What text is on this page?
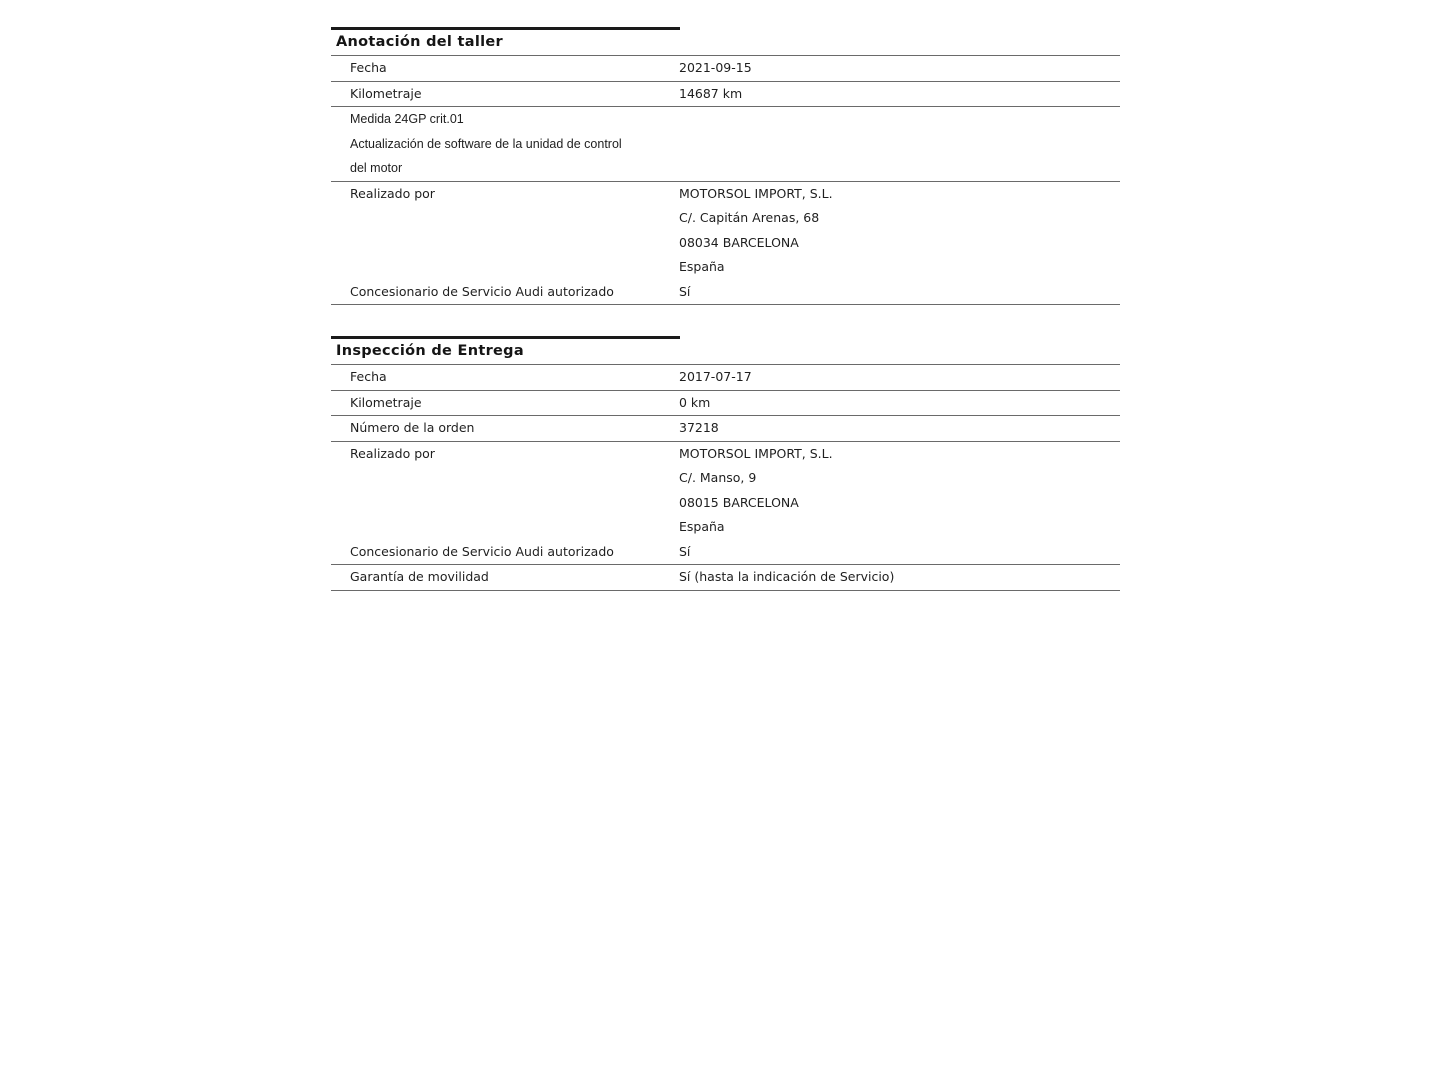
Anotación del taller
Fecha	2021-09-15
Kilometraje	14687 km
Medida 24GP crit.01
Actualización de software de la unidad de control
del motor
Realizado por	MOTORSOL IMPORT, S.L.
C/. Capitán Arenas, 68
08034 BARCELONA
España
Concesionario de Servicio Audi autorizado	Sí
Inspección de Entrega
Fecha	2017-07-17
Kilometraje	0 km
Número de la orden	37218
Realizado por	MOTORSOL IMPORT, S.L.
C/. Manso, 9
08015 BARCELONA
España
Concesionario de Servicio Audi autorizado	Sí
Garantía de movilidad	Sí (hasta la indicación de Servicio)
